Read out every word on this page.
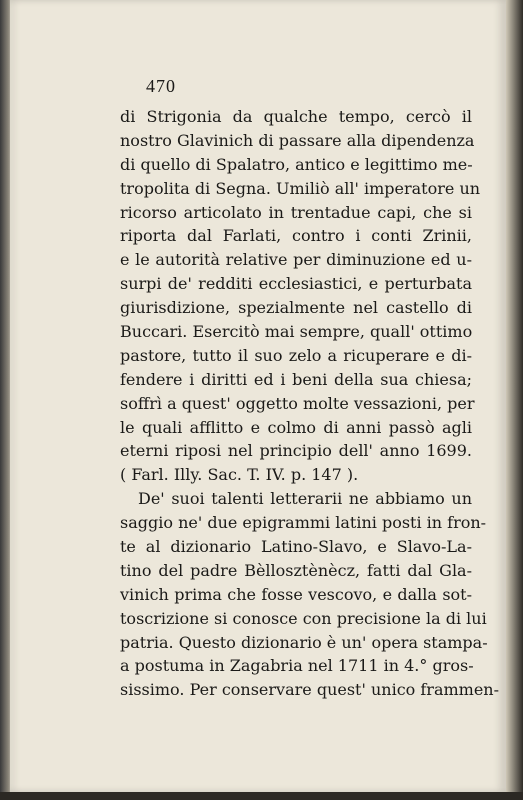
470
di Strigonia da qualche tempo, cercò il
nostro Glavinich di passare alla dipendenza
di quello di Spalatro, antico e legittimo me-
tropolita di Segna. Umiliò all' imperatore un
ricorso articolato in trentadue capi, che si
riporta dal Farlati, contro i conti Zrinii,
e le autorità relative per diminuzione ed u-
surpi de' redditi ecclesiastici, e perturbata
giurisdizione, spezialmente nel castello di
Buccari. Esercitò mai sempre, quall' ottimo
pastore, tutto il suo zelo a ricuperare e di-
fendere i diritti ed i beni della sua chiesa;
soffrì a quest' oggetto molte vessazioni, per
le quali afflitto e colmo di anni passò agli
eterni riposi nel principio dell' anno 1699.
( Farl. Illy. Sac. T. IV. p. 147 ).
De' suoi talenti letterarii ne abbiamo un
saggio ne' due epigrammi latini posti in fron-
te al dizionario Latino-Slavo, e Slavo-La-
tino del padre Bèllosztènècz, fatti dal Gla-
vinich prima che fosse vescovo, e dalla sot-
toscrizione si conosce con precisione la di lui
patria. Questo dizionario è un' opera stampa-
a postuma in Zagabria nel 1711 in 4.° gros-
sissimo. Per conservare quest' unico frammen-
